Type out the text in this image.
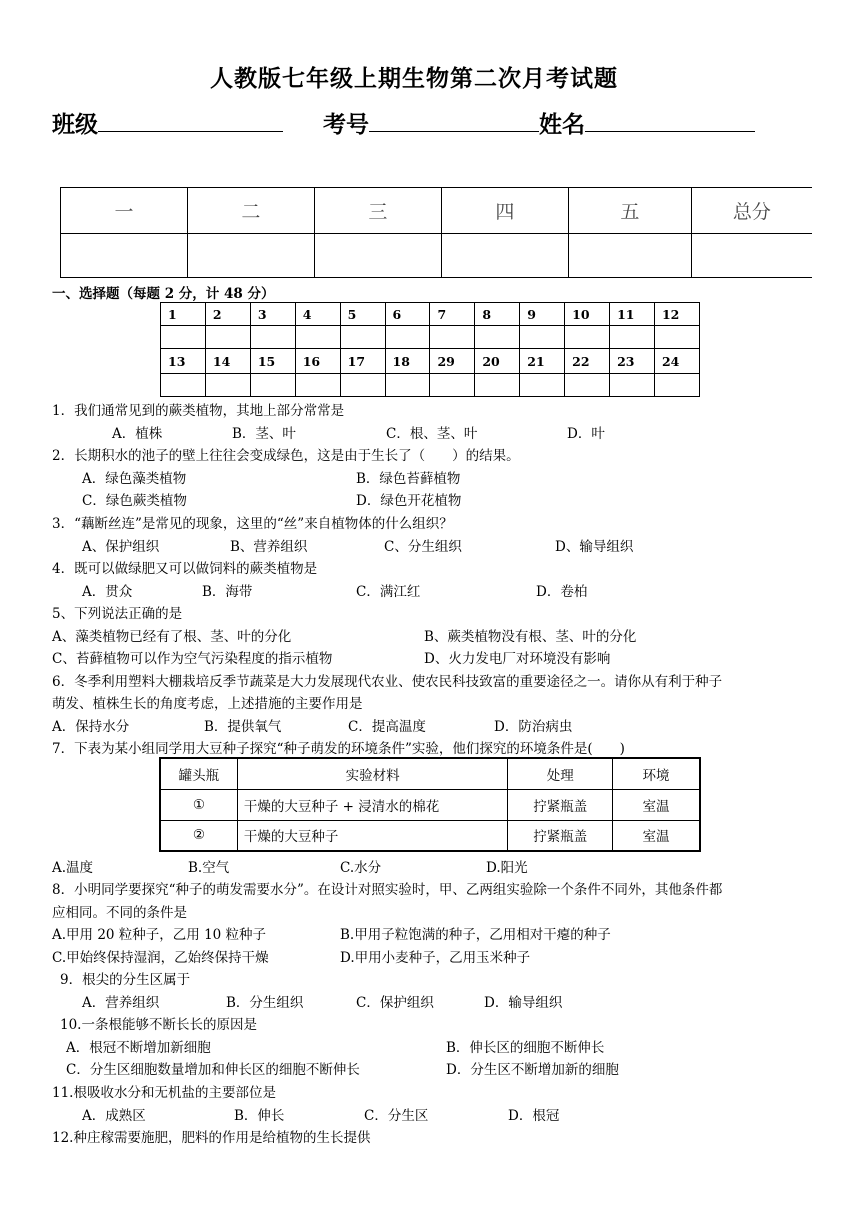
人教版七年级上期生物第二次月考试题
班级	考号	姓名
一	二	三	四	五	总分

一、选择题（每题 2 分，计 48 分）
1	2	3	4	5	6	7	8	9	10	11	12

13	14	15	16	17	18	29	20	21	22	23	24

1．我们通常见到的蕨类植物，其地上部分常常是
A．植株	B．茎、叶	C．根、茎、叶	D．叶
2．长期积水的池子的壁上往往会变成绿色，这是由于生长了（　　）的结果。
A．绿色藻类植物	B．绿色苔藓植物
C．绿色蕨类植物	D．绿色开花植物
3．“藕断丝连”是常见的现象，这里的“丝”来自植物体的什么组织？
A、保护组织	B、营养组织	C、分生组织	D、输导组织
4．既可以做绿肥又可以做饲料的蕨类植物是
A．贯众	B．海带	C．满江红	D．卷柏
5、下列说法正确的是
A、藻类植物已经有了根、茎、叶的分化	B、蕨类植物没有根、茎、叶的分化
C、苔藓植物可以作为空气污染程度的指示植物	D、火力发电厂对环境没有影响
6．冬季利用塑料大棚栽培反季节蔬菜是大力发展现代农业、使农民科技致富的重要途径之一。请你从有利于种子
萌发、植株生长的角度考虑，上述措施的主要作用是
A．保持水分	B．提供氧气	C．提高温度	D．防治病虫
7．下表为某小组同学用大豆种子探究“种子萌发的环境条件”实验，他们探究的环境条件是(　　)
罐头瓶	实验材料	处理	环境
①	干燥的大豆种子 + 浸清水的棉花	拧紧瓶盖	室温
②	干燥的大豆种子	拧紧瓶盖	室温
A.温度	B.空气	C.水分	D.阳光
8．小明同学要探究“种子的萌发需要水分”。在设计对照实验时，甲、乙两组实验除一个条件不同外，其他条件都
应相同。不同的条件是
A.甲用 20 粒种子，乙用 10 粒种子	B.甲用子粒饱满的种子，乙用相对干瘪的种子
C.甲始终保持湿润，乙始终保持干燥	D.甲用小麦种子，乙用玉米种子
9．根尖的分生区属于
A．营养组织	B．分生组织	C．保护组织	D．输导组织
10.一条根能够不断长长的原因是
A．根冠不断增加新细胞	B．伸长区的细胞不断伸长
C．分生区细胞数量增加和伸长区的细胞不断伸长	D．分生区不断增加新的细胞
11.根吸收水分和无机盐的主要部位是
A．成熟区	B．伸长	C．分生区	D．根冠
12.种庄稼需要施肥，肥料的作用是给植物的生长提供
